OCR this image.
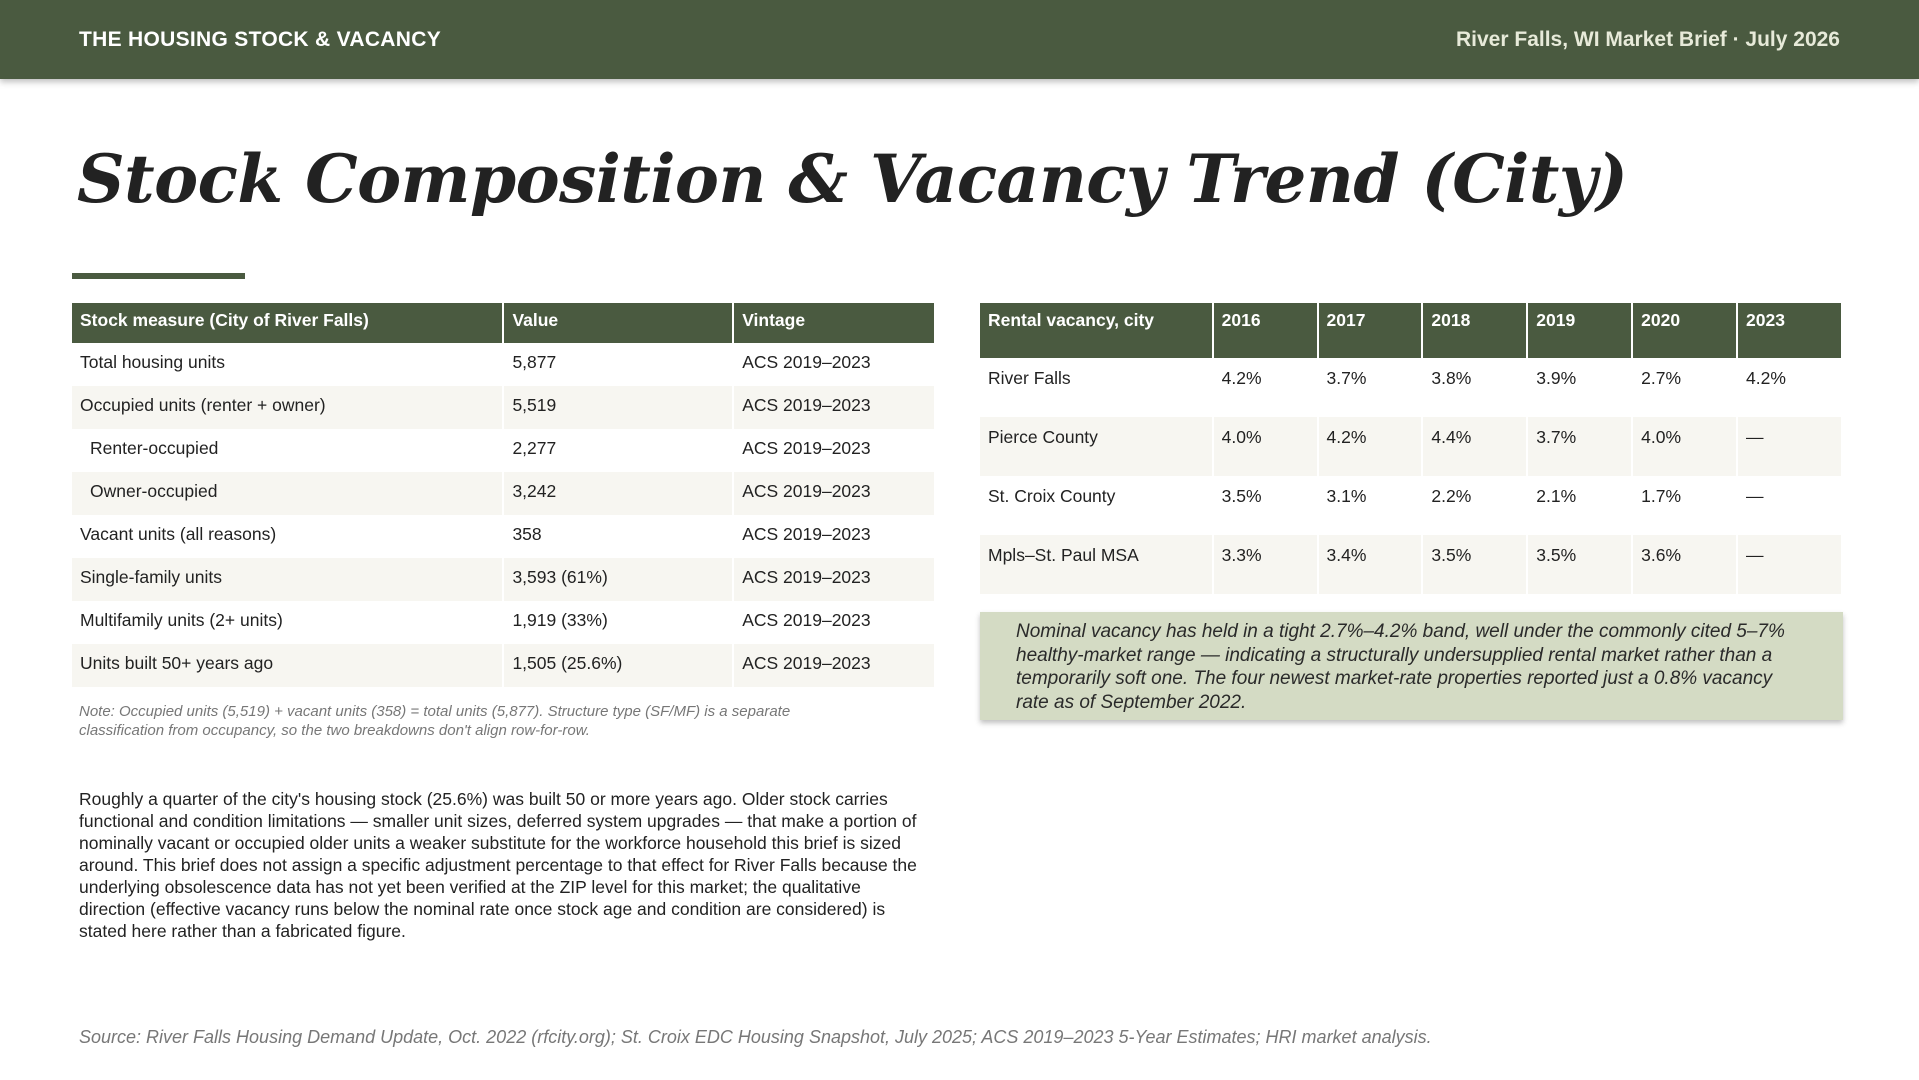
THE HOUSING STOCK & VACANCY	River Falls, WI Market Brief · July 2026
Stock Composition & Vacancy Trend (City)
Stock measure (City of River Falls)	Value	Vintage
Total housing units	5,877	ACS 2019–2023
Occupied units (renter + owner)	5,519	ACS 2019–2023
Renter-occupied	2,277	ACS 2019–2023
Owner-occupied	3,242	ACS 2019–2023
Vacant units (all reasons)	358	ACS 2019–2023
Single-family units	3,593 (61%)	ACS 2019–2023
Multifamily units (2+ units)	1,919 (33%)	ACS 2019–2023
Units built 50+ years ago	1,505 (25.6%)	ACS 2019–2023
Note: Occupied units (5,519) + vacant units (358) = total units (5,877). Structure type (SF/MF) is a separate classification from occupancy, so the two breakdowns don't align row-for-row.
Roughly a quarter of the city's housing stock (25.6%) was built 50 or more years ago. Older stock carries functional and condition limitations — smaller unit sizes, deferred system upgrades — that make a portion of nominally vacant or occupied older units a weaker substitute for the workforce household this brief is sized around. This brief does not assign a specific adjustment percentage to that effect for River Falls because the underlying obsolescence data has not yet been verified at the ZIP level for this market; the qualitative direction (effective vacancy runs below the nominal rate once stock age and condition are considered) is stated here rather than a fabricated figure.
Rental vacancy, city	2016	2017	2018	2019	2020	2023
River Falls	4.2%	3.7%	3.8%	3.9%	2.7%	4.2%
Pierce County	4.0%	4.2%	4.4%	3.7%	4.0%	—
St. Croix County	3.5%	3.1%	2.2%	2.1%	1.7%	—
Mpls–St. Paul MSA	3.3%	3.4%	3.5%	3.5%	3.6%	—
Nominal vacancy has held in a tight 2.7%–4.2% band, well under the commonly cited 5–7% healthy-market range — indicating a structurally undersupplied rental market rather than a temporarily soft one. The four newest market-rate properties reported just a 0.8% vacancy rate as of September 2022.
Source: River Falls Housing Demand Update, Oct. 2022 (rfcity.org); St. Croix EDC Housing Snapshot, July 2025; ACS 2019–2023 5-Year Estimates; HRI market analysis.
